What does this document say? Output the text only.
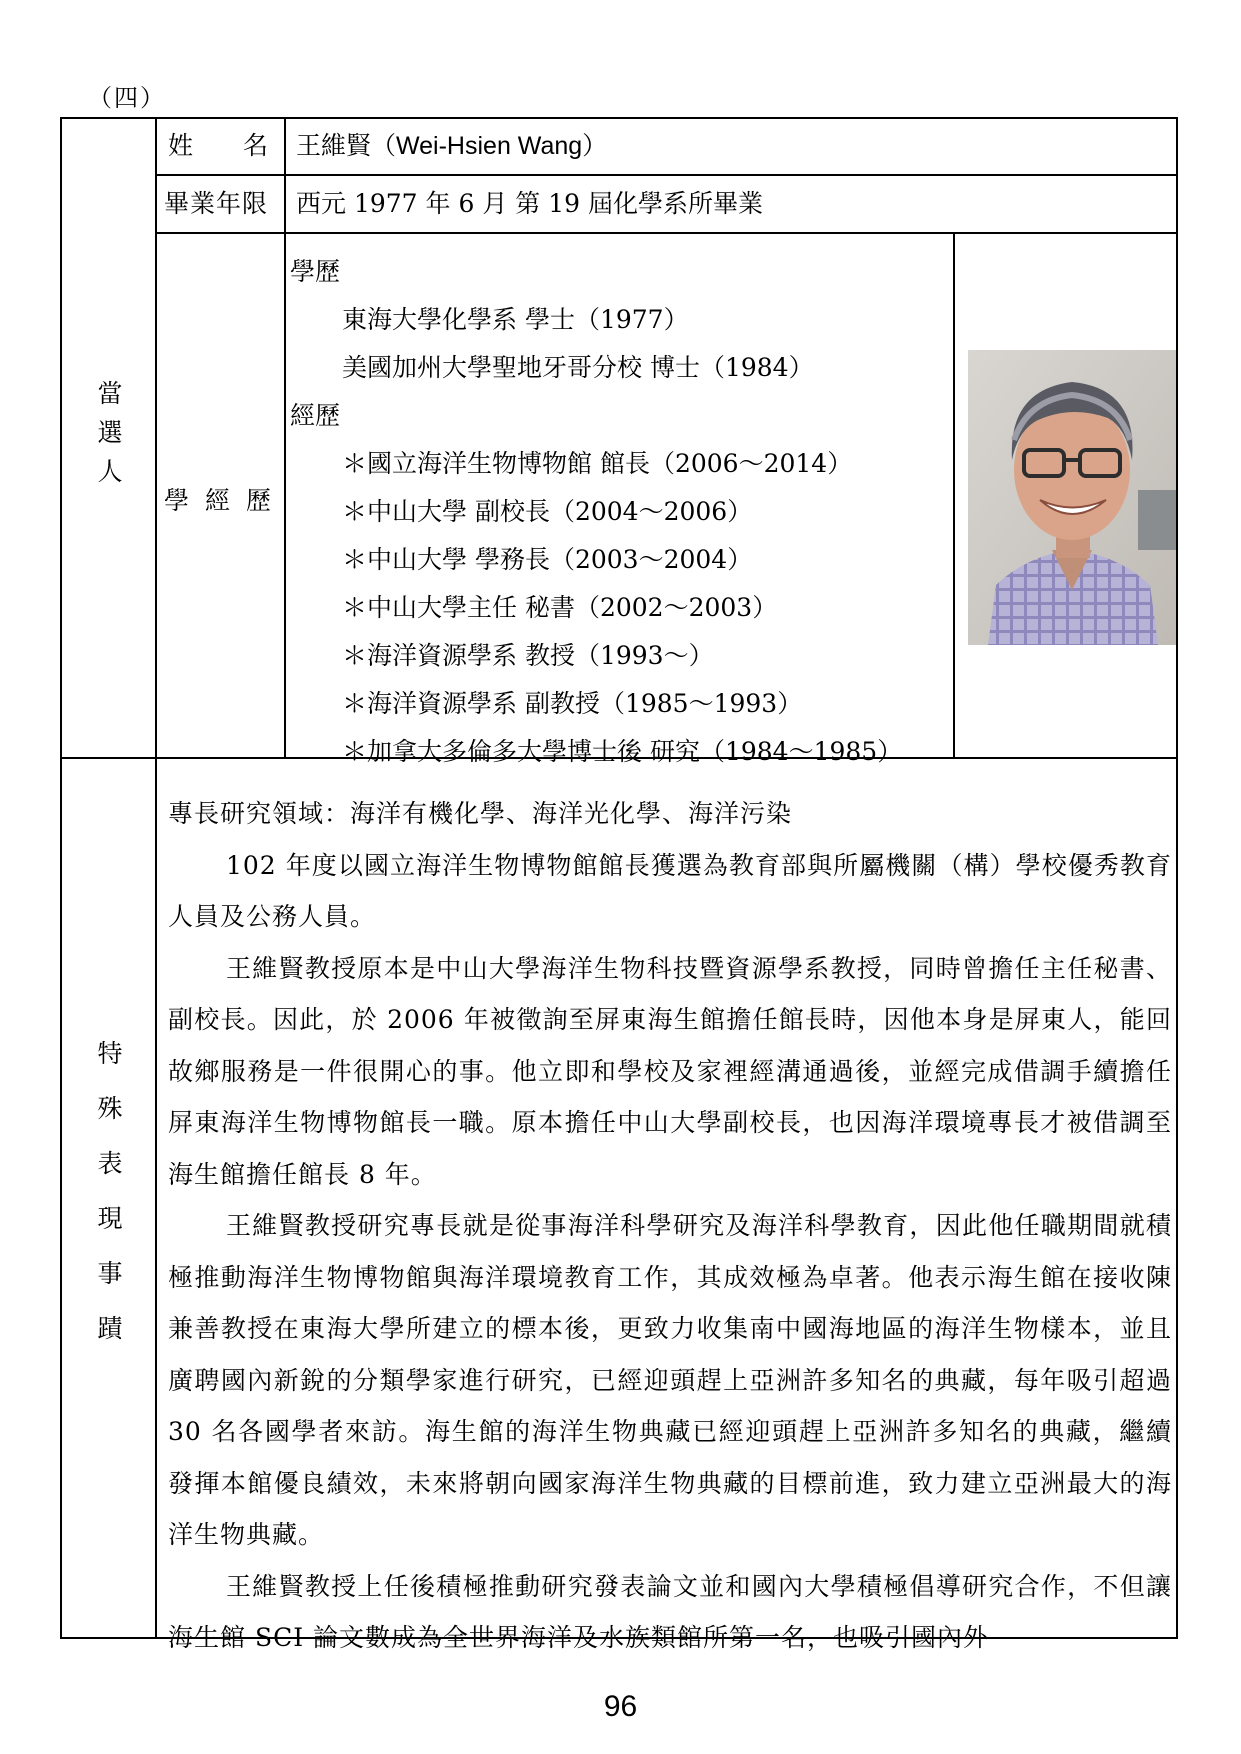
（四）
當選人
姓　　名 王維賢（Wei-Hsien Wang）
畢業年限 西元 1977 年 6 月 第 19 屆化學系所畢業
學 經 歷
學歷
東海大學化學系 學士（1977）
美國加州大學聖地牙哥分校 博士（1984）
經歷
＊國立海洋生物博物館 館長（2006～2014）
＊中山大學 副校長（2004～2006）
＊中山大學 學務長（2003～2004）
＊中山大學主任 秘書（2002～2003）
＊海洋資源學系 教授（1993～）
＊海洋資源學系 副教授（1985～1993）
＊加拿大多倫多大學博士後 研究（1984～1985）
特殊表現事蹟

專長研究領域：海洋有機化學、海洋光化學、海洋污染

102 年度以國立海洋生物博物館館長獲選為教育部與所屬機關（構）學校優秀教育人員及公務人員。

王維賢教授原本是中山大學海洋生物科技暨資源學系教授，同時曾擔任主任秘書、副校長。因此，於 2006 年被徵詢至屏東海生館擔任館長時，因他本身是屏東人，能回故鄉服務是一件很開心的事。他立即和學校及家裡經溝通過後，並經完成借調手續擔任屏東海洋生物博物館長一職。原本擔任中山大學副校長，也因海洋環境專長才被借調至海生館擔任館長 8 年。

王維賢教授研究專長就是從事海洋科學研究及海洋科學教育，因此他任職期間就積極推動海洋生物博物館與海洋環境教育工作，其成效極為卓著。他表示海生館在接收陳兼善教授在東海大學所建立的標本後，更致力收集南中國海地區的海洋生物樣本，並且廣聘國內新銳的分類學家進行研究，已經迎頭趕上亞洲許多知名的典藏，每年吸引超過 30 名各國學者來訪。海生館的海洋生物典藏已經迎頭趕上亞洲許多知名的典藏，繼續發揮本館優良績效，未來將朝向國家海洋生物典藏的目標前進，致力建立亞洲最大的海洋生物典藏。

王維賢教授上任後積極推動研究發表論文並和國內大學積極倡導研究合作，不但讓海生館 SCI 論文數成為全世界海洋及水族類館所第一名，也吸引國內外

96
